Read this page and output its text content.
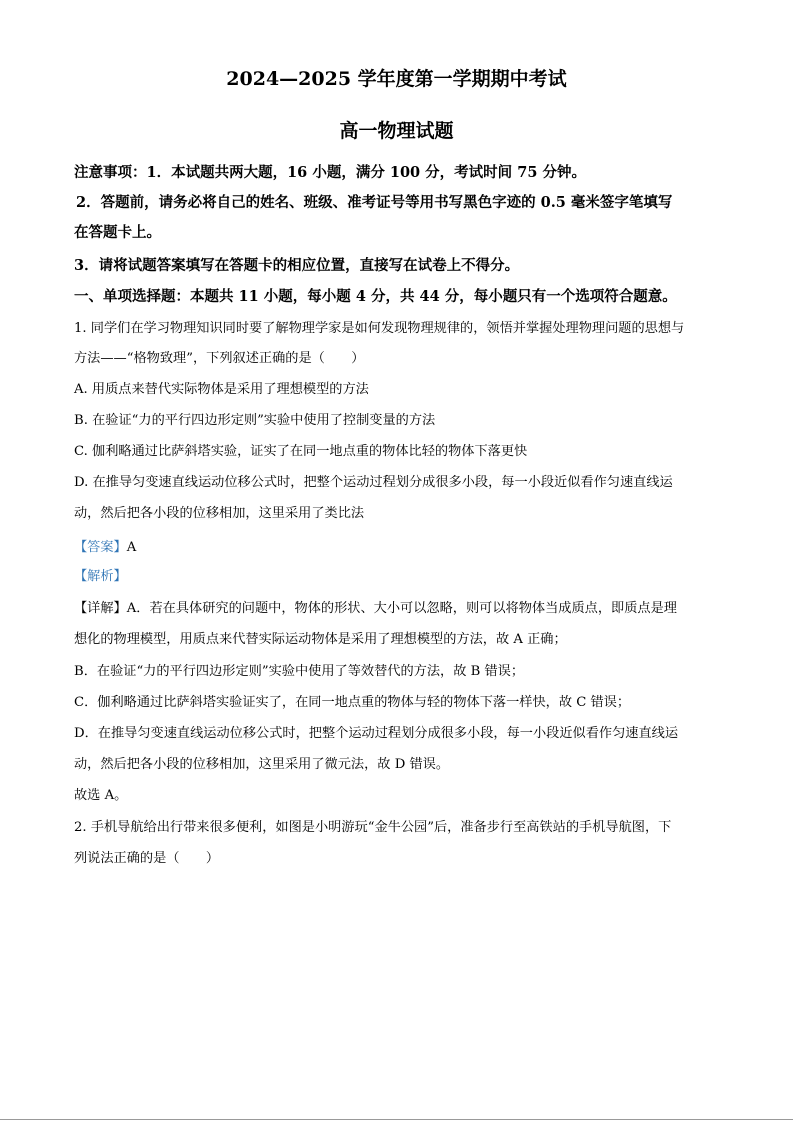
2024—2025 学年度第一学期期中考试
高一物理试题
注意事项：1．本试题共两大题，16 小题，满分 100 分，考试时间 75 分钟。
2．答题前，请务必将自己的姓名、班级、准考证号等用书写黑色字迹的 0.5 毫米签字笔填写
在答题卡上。
3．请将试题答案填写在答题卡的相应位置，直接写在试卷上不得分。
一、单项选择题：本题共 11 小题，每小题 4 分，共 44 分，每小题只有一个选项符合题意。
1. 同学们在学习物理知识同时要了解物理学家是如何发现物理规律的，领悟并掌握处理物理问题的思想与
方法——“格物致理”，下列叙述正确的是（　　）
A. 用质点来替代实际物体是采用了理想模型的方法
B. 在验证“力的平行四边形定则”实验中使用了控制变量的方法
C. 伽利略通过比萨斜塔实验，证实了在同一地点重的物体比轻的物体下落更快
D. 在推导匀变速直线运动位移公式时，把整个运动过程划分成很多小段，每一小段近似看作匀速直线运
动，然后把各小段的位移相加，这里采用了类比法
【答案】A
【解析】
【详解】A．若在具体研究的问题中，物体的形状、大小可以忽略，则可以将物体当成质点，即质点是理
想化的物理模型，用质点来代替实际运动物体是采用了理想模型的方法，故 A 正确；
B．在验证“力的平行四边形定则”实验中使用了等效替代的方法，故 B 错误；
C．伽利略通过比萨斜塔实验证实了，在同一地点重的物体与轻的物体下落一样快，故 C 错误；
D．在推导匀变速直线运动位移公式时，把整个运动过程划分成很多小段，每一小段近似看作匀速直线运
动，然后把各小段的位移相加，这里采用了微元法，故 D 错误。
故选 A。
2. 手机导航给出行带来很多便利，如图是小明游玩“金牛公园”后，准备步行至高铁站的手机导航图，下
列说法正确的是（　　）
